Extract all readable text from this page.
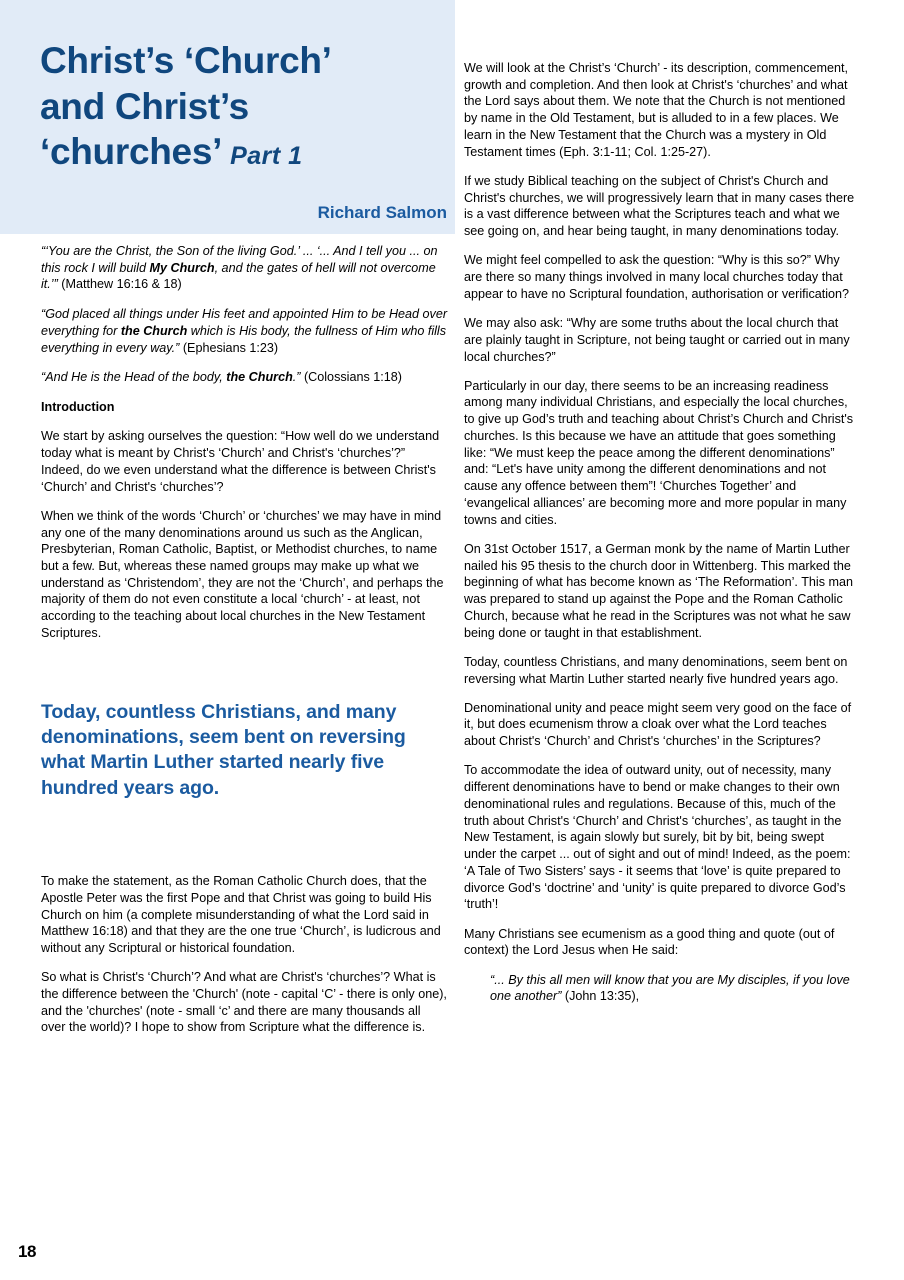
Christ’s ‘Church’
and Christ’s
‘churches’ Part 1
Richard Salmon

“‘You are the Christ, the Son of the living God.’ ... ‘... And I tell you ... on this rock I will build My Church, and the gates of hell will not overcome it.’” (Matthew 16:16 & 18)

“God placed all things under His feet and appointed Him to be Head over everything for the Church which is His body, the fullness of Him who fills everything in every way.” (Ephesians 1:23)

“And He is the Head of the body, the Church.” (Colossians 1:18)

Introduction

We start by asking ourselves the question: “How well do we understand today what is meant by Christ's ‘Church’ and Christ's ‘churches’?” Indeed, do we even understand what the difference is between Christ's ‘Church’ and Christ's ‘churches’?

When we think of the words ‘Church’ or ‘churches’ we may have in mind any one of the many denominations around us such as the Anglican, Presbyterian, Roman Catholic, Baptist, or Methodist churches, to name but a few. But, whereas these named groups may make up what we understand as ‘Christendom’, they are not the ‘Church’, and perhaps the majority of them do not even constitute a local ‘church’ - at least, not according to the teaching about local churches in the New Testament Scriptures.

Today, countless Christians, and many denominations, seem bent on reversing what Martin Luther started nearly five hundred years ago.

To make the statement, as the Roman Catholic Church does, that the Apostle Peter was the first Pope and that Christ was going to build His Church on him (a complete misunderstanding of what the Lord said in Matthew 16:18) and that they are the one true ‘Church’, is ludicrous and without any Scriptural or historical foundation.

So what is Christ's ‘Church’? And what are Christ's ‘churches’? What is the difference between the 'Church' (note - capital ‘C’ - there is only one), and the 'churches' (note - small ‘c’ and there are many thousands all over the world)? I hope to show from Scripture what the difference is.

We will look at the Christ’s ‘Church’ - its description, commencement, growth and completion. And then look at Christ's ‘churches’ and what the Lord says about them. We note that the Church is not mentioned by name in the Old Testament, but is alluded to in a few places. We learn in the New Testament that the Church was a mystery in Old Testament times (Eph. 3:1-11; Col. 1:25-27).

If we study Biblical teaching on the subject of Christ's Church and Christ's churches, we will progressively learn that in many cases there is a vast difference between what the Scriptures teach and what we see going on, and hear being taught, in many denominations today.

We might feel compelled to ask the question: “Why is this so?” Why are there so many things involved in many local churches today that appear to have no Scriptural foundation, authorisation or verification?

We may also ask: “Why are some truths about the local church that are plainly taught in Scripture, not being taught or carried out in many local churches?”

Particularly in our day, there seems to be an increasing readiness among many individual Christians, and especially the local churches, to give up God’s truth and teaching about Christ’s Church and Christ's churches. Is this because we have an attitude that goes something like: “We must keep the peace among the different denominations” and: “Let's have unity among the different denominations and not cause any offence between them”! ‘Churches Together’ and ‘evangelical alliances’ are becoming more and more popular in many towns and cities.

On 31st October 1517, a German monk by the name of Martin Luther nailed his 95 thesis to the church door in Wittenberg. This marked the beginning of what has become known as ‘The Reformation’. This man was prepared to stand up against the Pope and the Roman Catholic Church, because what he read in the Scriptures was not what he saw being done or taught in that establishment.

Today, countless Christians, and many denominations, seem bent on reversing what Martin Luther started nearly five hundred years ago.

Denominational unity and peace might seem very good on the face of it, but does ecumenism throw a cloak over what the Lord teaches about Christ's ‘Church’ and Christ's ‘churches’ in the Scriptures?

To accommodate the idea of outward unity, out of necessity, many different denominations have to bend or make changes to their own denominational rules and regulations. Because of this, much of the truth about Christ's ‘Church’ and Christ's ‘churches’, as taught in the New Testament, is again slowly but surely, bit by bit, being swept under the carpet ... out of sight and out of mind! Indeed, as the poem: ‘A Tale of Two Sisters’ says - it seems that ‘love’ is quite prepared to divorce God’s ‘doctrine’ and ‘unity’ is quite prepared to divorce God’s ‘truth’!

Many Christians see ecumenism as a good thing and quote (out of context) the Lord Jesus when He said:

“... By this all men will know that you are My disciples, if you love one another” (John 13:35),

18
